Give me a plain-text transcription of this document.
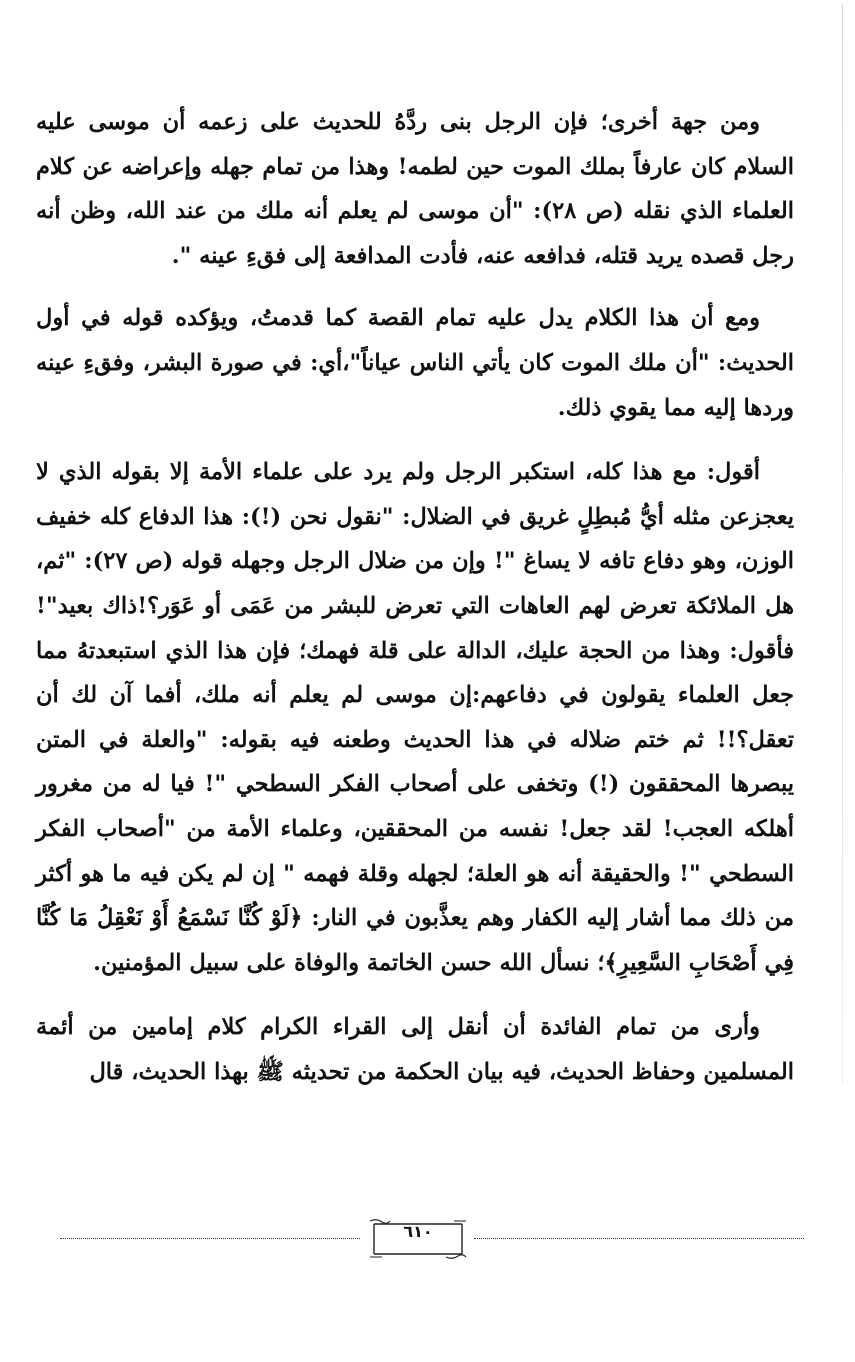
ومن جهة أخرى؛ فإن الرجل بنى ردَّهُ للحديث على زعمه أن موسى عليه السلام كان عارفاً بملك الموت حين لطمه! وهذا من تمام جهله وإعراضه عن كلام العلماء الذي نقله (ص ٢٨): "أن موسى لم يعلم أنه ملك من عند الله، وظن أنه رجل قصده يريد قتله، فدافعه عنه، فأدت المدافعة إلى فقءِ عينه ".

ومع أن هذا الكلام يدل عليه تمام القصة كما قدمتُ، ويؤكده قوله في أول الحديث: "أن ملك الموت كان يأتي الناس عياناً"،أي: في صورة البشر، وفقءِ عينه وردها إليه مما يقوي ذلك.

أقول: مع هذا كله، استكبر الرجل ولم يرد على علماء الأمة إلا بقوله الذي لا يعجزعن مثله أيُّ مُبطِلٍ غريق في الضلال: "نقول نحن (!): هذا الدفاع كله خفيف الوزن، وهو دفاع تافه لا يساغ "! وإن من ضلال الرجل وجهله قوله (ص ٢٧): "ثم، هل الملائكة تعرض لهم العاهات التي تعرض للبشر من عَمَى أو عَوَر؟!ذاك بعيد"! فأقول: وهذا من الحجة عليك، الدالة على قلة فهمك؛ فإن هذا الذي استبعدتهُ مما جعل العلماء يقولون في دفاعهم:إن موسى لم يعلم أنه ملك، أفما آن لك أن تعقل؟!! ثم ختم ضلاله في هذا الحديث وطعنه فيه بقوله: "والعلة في المتن يبصرها المحققون (!) وتخفى على أصحاب الفكر السطحي "! فيا له من مغرور أهلكه العجب! لقد جعل! نفسه من المحققين، وعلماء الأمة من "أصحاب الفكر السطحي "! والحقيقة أنه هو العلة؛ لجهله وقلة فهمه " إن لم يكن فيه ما هو أكثر من ذلك مما أشار إليه الكفار وهم يعذَّبون في النار: ﴿لَوْ كُنَّا نَسْمَعُ أَوْ نَعْقِلُ مَا كُنَّا فِي أَصْحَابِ السَّعِيرِ﴾؛ نسأل الله حسن الخاتمة والوفاة على سبيل المؤمنين.

وأرى من تمام الفائدة أن أنقل إلى القراء الكرام كلام إمامين من أئمة المسلمين وحفاظ الحديث، فيه بيان الحكمة من تحديثه ﷺ بهذا الحديث، قال

٦١٠
